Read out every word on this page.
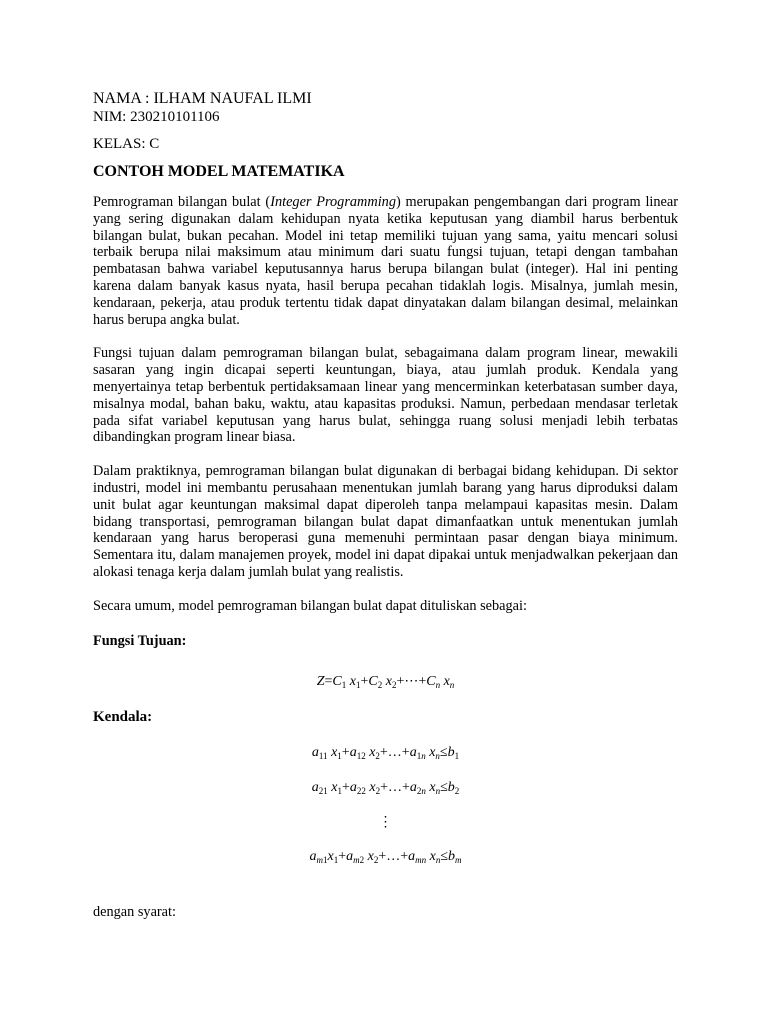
NAMA : ILHAM NAUFAL ILMI
NIM: 230210101106
KELAS: C
CONTOH MODEL MATEMATIKA

Pemrograman bilangan bulat (Integer Programming) merupakan pengembangan dari program linear yang sering digunakan dalam kehidupan nyata ketika keputusan yang diambil harus berbentuk bilangan bulat, bukan pecahan. Model ini tetap memiliki tujuan yang sama, yaitu mencari solusi terbaik berupa nilai maksimum atau minimum dari suatu fungsi tujuan, tetapi dengan tambahan pembatasan bahwa variabel keputusannya harus berupa bilangan bulat (integer). Hal ini penting karena dalam banyak kasus nyata, hasil berupa pecahan tidaklah logis. Misalnya, jumlah mesin, kendaraan, pekerja, atau produk tertentu tidak dapat dinyatakan dalam bilangan desimal, melainkan harus berupa angka bulat.

Fungsi tujuan dalam pemrograman bilangan bulat, sebagaimana dalam program linear, mewakili sasaran yang ingin dicapai seperti keuntungan, biaya, atau jumlah produk. Kendala yang menyertainya tetap berbentuk pertidaksamaan linear yang mencerminkan keterbatasan sumber daya, misalnya modal, bahan baku, waktu, atau kapasitas produksi. Namun, perbedaan mendasar terletak pada sifat variabel keputusan yang harus bulat, sehingga ruang solusi menjadi lebih terbatas dibandingkan program linear biasa.

Dalam praktiknya, pemrograman bilangan bulat digunakan di berbagai bidang kehidupan. Di sektor industri, model ini membantu perusahaan menentukan jumlah barang yang harus diproduksi dalam unit bulat agar keuntungan maksimal dapat diperoleh tanpa melampaui kapasitas mesin. Dalam bidang transportasi, pemrograman bilangan bulat dapat dimanfaatkan untuk menentukan jumlah kendaraan yang harus beroperasi guna memenuhi permintaan pasar dengan biaya minimum. Sementara itu, dalam manajemen proyek, model ini dapat dipakai untuk menjadwalkan pekerjaan dan alokasi tenaga kerja dalam jumlah bulat yang realistis.

Secara umum, model pemrograman bilangan bulat dapat dituliskan sebagai:

Fungsi Tujuan:
$Z=C_1$ $x_1+C_2$ $x_2+\cdots+C_n$ $x_n$
Kendala:
$a_{11}$ $x_1+a_{12}$ $x_2+\dots+a_{1n}$ $x_n\le b_1$
$a_{21}$ $x_1+a_{22}$ $x_2+\dots+a_{2n}$ $x_n\le b_2$
⋮
$a_{m1}x_1+a_{m2}$ $x_2+\dots+a_{mn}$ $x_n\le b_m$
dengan syarat:
